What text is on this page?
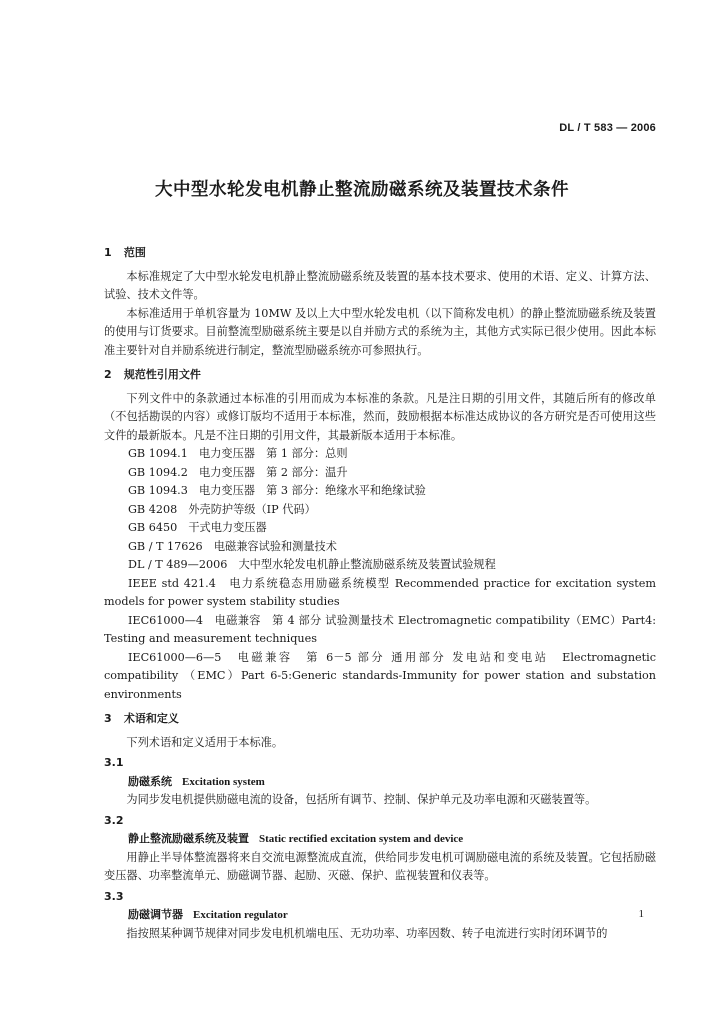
DL / T 583 — 2006
大中型水轮发电机静止整流励磁系统及装置技术条件
1 范围

本标准规定了大中型水轮发电机静止整流励磁系统及装置的基本技术要求、使用的术语、定义、计算方法、试验、技术文件等。

本标准适用于单机容量为 10MW 及以上大中型水轮发电机（以下简称发电机）的静止整流励磁系统及装置的使用与订货要求。目前整流型励磁系统主要是以自并励方式的系统为主，其他方式实际已很少使用。因此本标准主要针对自并励系统进行制定，整流型励磁系统亦可参照执行。

2 规范性引用文件

下列文件中的条款通过本标准的引用而成为本标准的条款。凡是注日期的引用文件，其随后所有的修改单（不包括勘误的内容）或修订版均不适用于本标准，然而，鼓励根据本标准达成协议的各方研究是否可使用这些文件的最新版本。凡是不注日期的引用文件，其最新版本适用于本标准。

GB 1094.1　电力变压器　第 1 部分：总则
GB 1094.2　电力变压器　第 2 部分：温升
GB 1094.3　电力变压器　第 3 部分：绝缘水平和绝缘试验
GB 4208　外壳防护等级（IP 代码）
GB 6450　干式电力变压器
GB / T 17626　电磁兼容试验和测量技术
DL / T 489—2006　大中型水轮发电机静止整流励磁系统及装置试验规程

IEEE std 421.4　电力系统稳态用励磁系统模型 Recommended practice for excitation system models for power system stability studies

IEC61000—4　电磁兼容　第 4 部分 试验测量技术 Electromagnetic compatibility（EMC）Part4: Testing and measurement techniques

IEC61000—6—5　电磁兼容　第 6－5 部分 通用部分 发电站和变电站　Electromagnetic compatibility （EMC）Part 6-5:Generic standards-Immunity for power station and substation environments

3 术语和定义

下列术语和定义适用于本标准。

3.1
励磁系统 Excitation system

为同步发电机提供励磁电流的设备，包括所有调节、控制、保护单元及功率电源和灭磁装置等。

3.2
静止整流励磁系统及装置 Static rectified excitation system and device

用静止半导体整流器将来自交流电源整流成直流，供给同步发电机可调励磁电流的系统及装置。它包括励磁变压器、功率整流单元、励磁调节器、起励、灭磁、保护、监视装置和仪表等。

3.3
励磁调节器 Excitation regulator

指按照某种调节规律对同步发电机机端电压、无功功率、功率因数、转子电流进行实时闭环调节的

1
